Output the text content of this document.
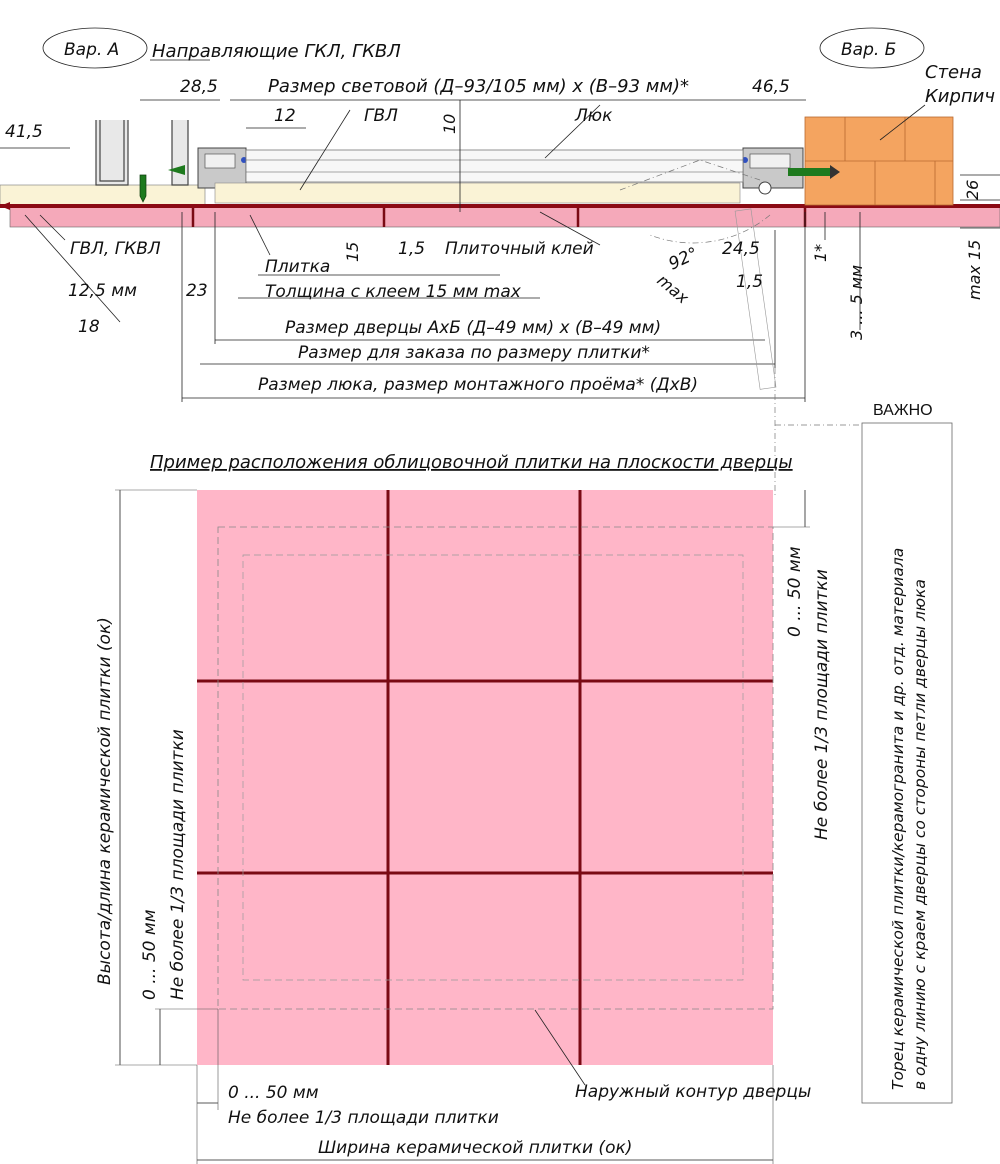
Вар. А	Вар. Б
Направляющие ГКЛ, ГКВЛ
Размер световой (Д–93/105 мм) х (В–93 мм)*
Стена
Кирпич
41,5
28,5
12	10
46,5
26
15 1,5	24,5	1*	max 15
1,5	3 ... 5 мм
92°
max
23
12,5 мм
18
ГВЛ	Люк
ГВЛ, ГКВЛ
Плитка
Толщина с клеем 15 мм max
Плиточный клей
Размер дверцы АхБ (Д–49 мм) х (В–49 мм)
Размер для заказа по размеру плитки*
Размер люка, размер монтажного проёма* (ДхВ)
ВАЖНО
Торец керамической плитки/керамогранита и др. отд. материала в одну линию с краем дверцы со стороны петли дверцы люка
Пример расположения облицовочной плитки на плоскости дверцы
Высота/длина керамической плитки (ок) 0 ... 50 мм Не более 1/3 площади плитки
0 ... 50 мм Не более 1/3 площади плитки
0 ... 50 мм
Не более 1/3 площади плитки
Ширина керамической плитки (ок)
Наружный контур дверцы
